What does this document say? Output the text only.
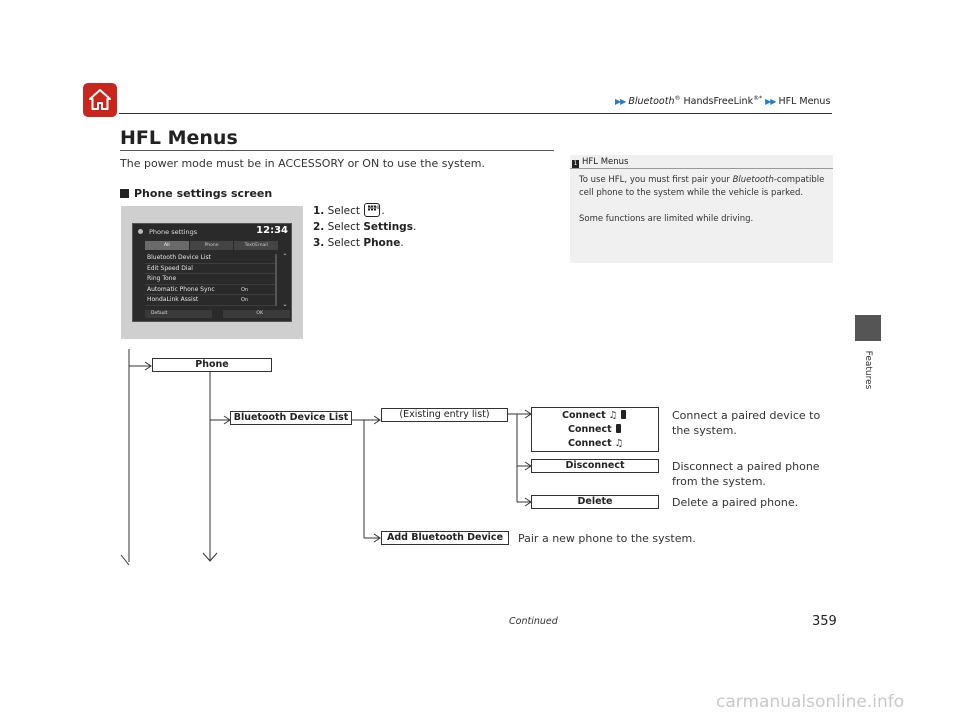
▶▶ Bluetooth® HandsFreeLink®* ▶▶ HFL Menus
HFL Menus
The power mode must be in ACCESSORY or ON to use the system.
Phone settings screen
Phone settings	12:34
All	Phone	Text/Email
Bluetooth Device List
Edit Speed Dial
Ring Tone
Automatic Phone Sync	On
HondaLink Assist	On
⌃
⌄
Default	OK
1. Select HOME .
2. Select Settings.
3. Select Phone.
1 HFL Menus

To use HFL, you must first pair your Bluetooth-compatible cell phone to the system while the vehicle is parked.

Some functions are limited while driving.

Features
Phone
Bluetooth Device List	(Existing entry list)	Connect ♫
Connect
Connect ♫
Disconnect
Delete
Add Bluetooth Device
Connect a paired device to the system.
Disconnect a paired phone from the system.
Delete a paired phone.
Pair a new phone to the system.
Continued	359
carmanualsonline.info
